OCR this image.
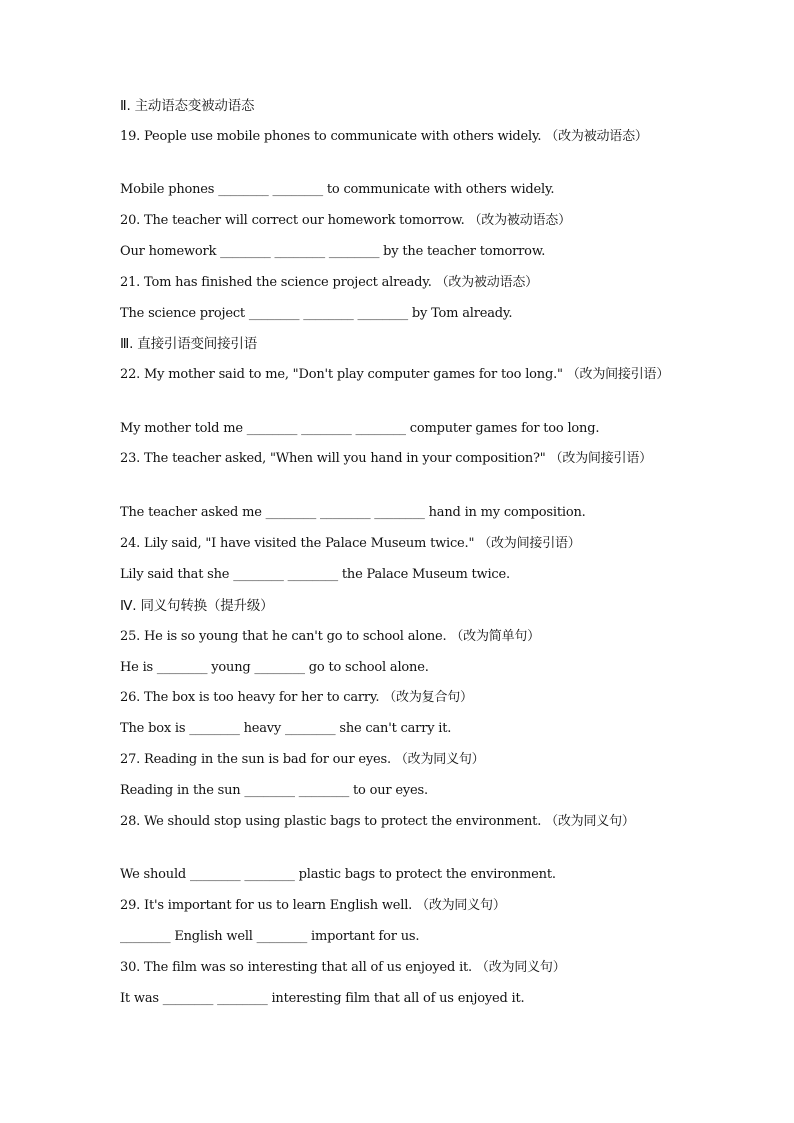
Ⅱ. 主动语态变被动语态
19. People use mobile phones to communicate with others widely. （改为被动语态）
Mobile phones ________ ________ to communicate with others widely.
20. The teacher will correct our homework tomorrow. （改为被动语态）
Our homework ________ ________ ________ by the teacher tomorrow.
21. Tom has finished the science project already. （改为被动语态）
The science project ________ ________ ________ by Tom already.
Ⅲ. 直接引语变间接引语
22. My mother said to me, "Don't play computer games for too long." （改为间接引语）
My mother told me ________ ________ ________ computer games for too long.
23. The teacher asked, "When will you hand in your composition?" （改为间接引语）
The teacher asked me ________ ________ ________ hand in my composition.
24. Lily said, "I have visited the Palace Museum twice." （改为间接引语）
Lily said that she ________ ________ the Palace Museum twice.
Ⅳ. 同义句转换（提升级）
25. He is so young that he can't go to school alone. （改为简单句）
He is ________ young ________ go to school alone.
26. The box is too heavy for her to carry. （改为复合句）
The box is ________ heavy ________ she can't carry it.
27. Reading in the sun is bad for our eyes. （改为同义句）
Reading in the sun ________ ________ to our eyes.
28. We should stop using plastic bags to protect the environment. （改为同义句）
We should ________ ________ plastic bags to protect the environment.
29. It's important for us to learn English well. （改为同义句）
________ English well ________ important for us.
30. The film was so interesting that all of us enjoyed it. （改为同义句）
It was ________ ________ interesting film that all of us enjoyed it.
